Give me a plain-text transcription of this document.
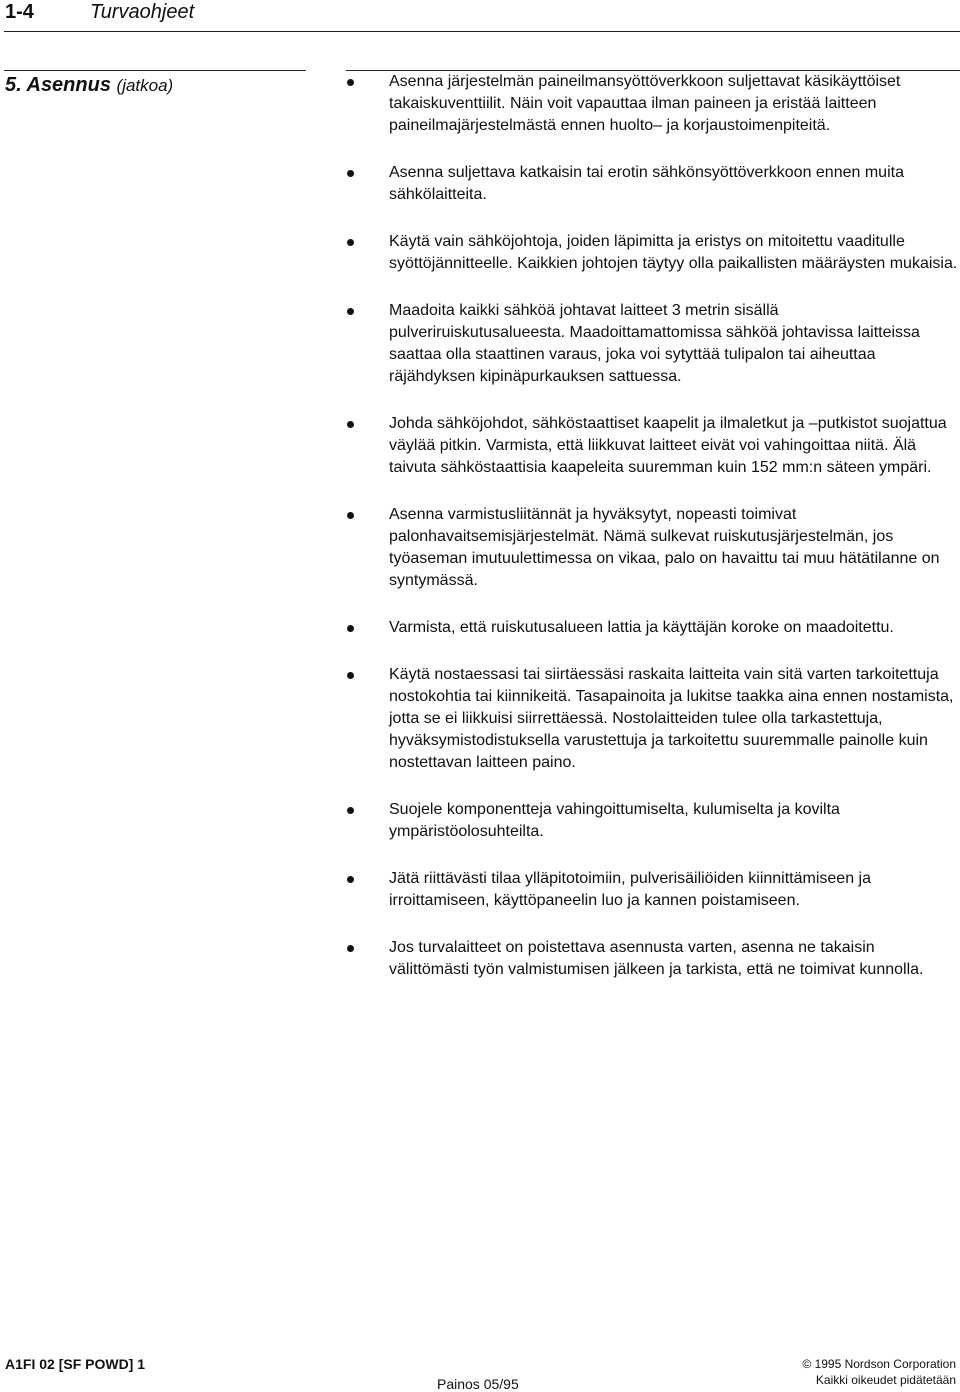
1-4	Turvaohjeet
5. Asennus (jatkoa)	Asenna järjestelmän paineilmansyöttöverkkoon suljettavat käsikäyttöiset takaiskuventtiilit. Näin voit vapauttaa ilman paineen ja eristää laitteen paineilmajärjestelmästä ennen huolto– ja korjaustoimenpiteitä.
Asenna suljettava katkaisin tai erotin sähkönsyöttöverkkoon ennen muita sähkölaitteita.
Käytä vain sähköjohtoja, joiden läpimitta ja eristys on mitoitettu vaaditulle syöttöjännitteelle. Kaikkien johtojen täytyy olla paikallisten määräysten mukaisia.
Maadoita kaikki sähköä johtavat laitteet 3 metrin sisällä pulveriruiskutusalueesta. Maadoittamattomissa sähköä johtavissa laitteissa saattaa olla staattinen varaus, joka voi sytyttää tulipalon tai aiheuttaa räjähdyksen kipinäpurkauksen sattuessa.
Johda sähköjohdot, sähköstaattiset kaapelit ja ilmaletkut ja –putkistot suojattua väylää pitkin. Varmista, että liikkuvat laitteet eivät voi vahingoittaa niitä. Älä taivuta sähköstaattisia kaapeleita suuremman kuin 152 mm:n säteen ympäri.
Asenna varmistusliitännät ja hyväksytyt, nopeasti toimivat palonhavaitsemisjärjestelmät. Nämä sulkevat ruiskutusjärjestelmän, jos työaseman imutuulettimessa on vikaa, palo on havaittu tai muu hätätilanne on syntymässä.
Varmista, että ruiskutusalueen lattia ja käyttäjän koroke on maadoitettu.
Käytä nostaessasi tai siirtäessäsi raskaita laitteita vain sitä varten tarkoitettuja nostokohtia tai kiinnikeitä. Tasapainoita ja lukitse taakka aina ennen nostamista, jotta se ei liikkuisi siirrettäessä. Nostolaitteiden tulee olla tarkastettuja, hyväksymistodistuksella varustettuja ja tarkoitettu suuremmalle painolle kuin nostettavan laitteen paino.
Suojele komponentteja vahingoittumiselta, kulumiselta ja kovilta ympäristöolosuhteilta.
Jätä riittävästi tilaa ylläpitotoimiin, pulverisäiliöiden kiinnittämiseen ja irroittamiseen, käyttöpaneelin luo ja kannen poistamiseen.
Jos turvalaitteet on poistettava asennusta varten, asenna ne takaisin välittömästi työn valmistumisen jälkeen ja tarkista, että ne toimivat kunnolla.
A1FI 02 [SF POWD] 1
Painos 05/95
© 1995 Nordson Corporation
Kaikki oikeudet pidätetään
